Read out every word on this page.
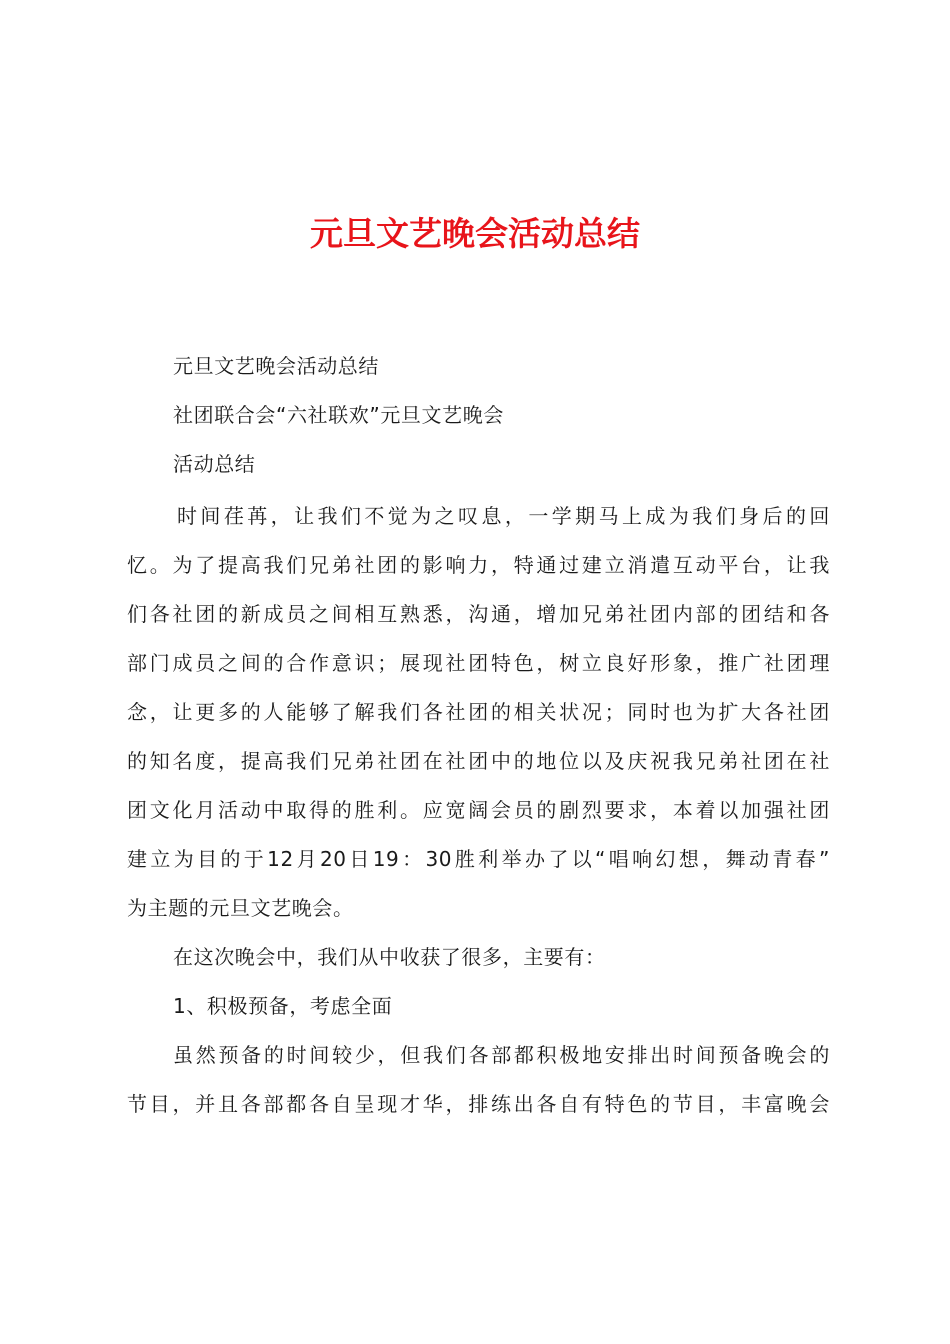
元旦文艺晚会活动总结
元旦文艺晚会活动总结
社团联合会“六社联欢”元旦文艺晚会
活动总结
时间荏苒，让我们不觉为之叹息，一学期马上成为我们身后的回
忆。为了提高我们兄弟社团的影响力，特通过建立消遣互动平台，让我
们各社团的新成员之间相互熟悉，沟通，增加兄弟社团内部的团结和各
部门成员之间的合作意识；展现社团特色，树立良好形象，推广社团理
念，让更多的人能够了解我们各社团的相关状况；同时也为扩大各社团
的知名度，提高我们兄弟社团在社团中的地位以及庆祝我兄弟社团在社
团文化月活动中取得的胜利。应宽阔会员的剧烈要求，本着以加强社团
建立为目的于12月20日19：30胜利举办了以“唱响幻想，舞动青春”
为主题的元旦文艺晚会。
在这次晚会中，我们从中收获了很多，主要有：
1、积极预备，考虑全面
虽然预备的时间较少，但我们各部都积极地安排出时间预备晚会的
节目，并且各部都各自呈现才华，排练出各自有特色的节目，丰富晚会
